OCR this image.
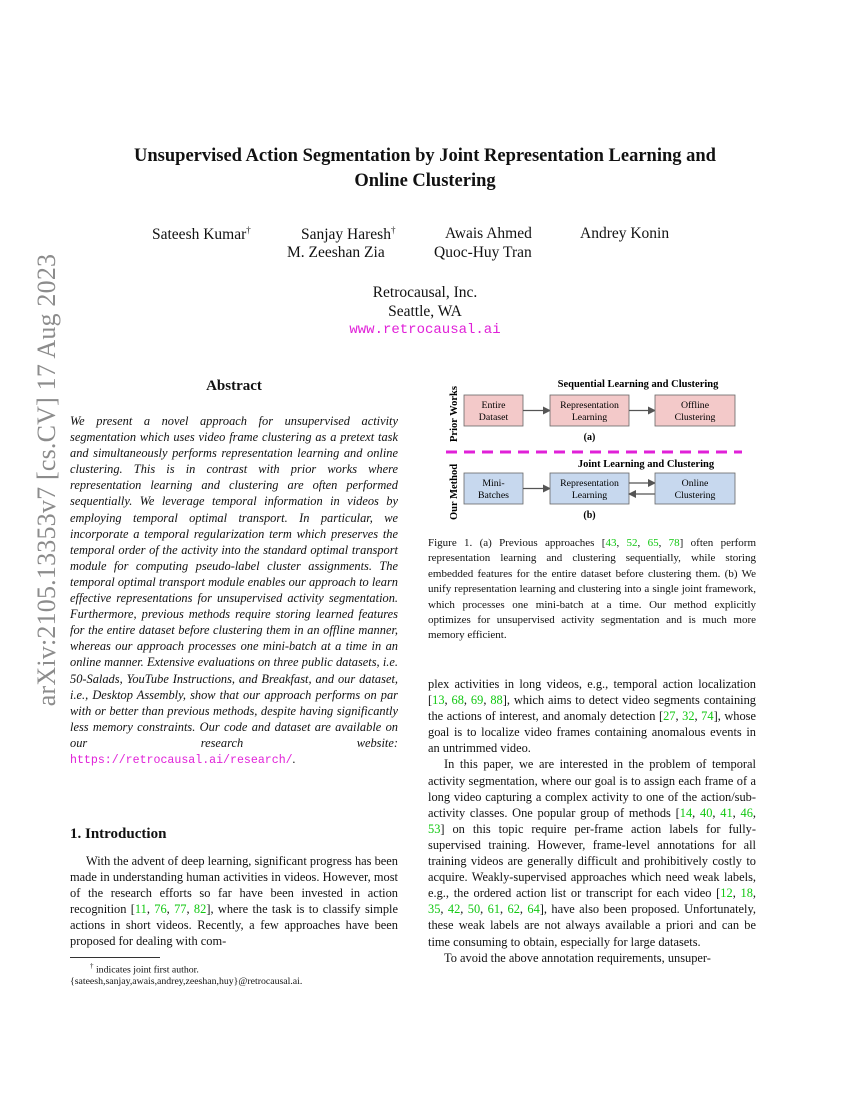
arXiv:2105.13353v7 [cs.CV] 17 Aug 2023
Unsupervised Action Segmentation by Joint Representation Learning and
Online Clustering
Sateesh Kumar†	Sanjay Haresh†	Awais Ahmed	Andrey Konin
M. Zeeshan Zia	Quoc-Huy Tran
Retrocausal, Inc.
Seattle, WA
www.retrocausal.ai
Abstract
We present a novel approach for unsupervised activity segmentation which uses video frame clustering as a pretext task and simultaneously performs representation learning and online clustering. This is in contrast with prior works where representation learning and clustering are often performed sequentially. We leverage temporal information in videos by employing temporal optimal transport. In particular, we incorporate a temporal regularization term which preserves the temporal order of the activity into the standard optimal transport module for computing pseudo-label cluster assignments. The temporal optimal transport module enables our approach to learn effective representations for unsupervised activity segmentation. Furthermore, previous methods require storing learned features for the entire dataset before clustering them in an offline manner, whereas our approach processes one mini-batch at a time in an online manner. Extensive evaluations on three public datasets, i.e. 50-Salads, YouTube Instructions, and Breakfast, and our dataset, i.e., Desktop Assembly, show that our approach performs on par with or better than previous methods, despite having significantly less memory constraints. Our code and dataset are available on our research website: https://retrocausal.ai/research/.
1. Introduction
With the advent of deep learning, significant progress has been made in understanding human activities in videos. However, most of the research efforts so far have been invested in action recognition [11, 76, 77, 82], where the task is to classify simple actions in short videos. Recently, a few approaches have been proposed for dealing with com-
† indicates joint first author.
{sateesh,sanjay,awais,andrey,zeeshan,huy}@retrocausal.ai.
Prior Works
Our Method
Sequential Learning and Clustering
Entire
Dataset
Representation
Learning
Offline
Clustering
(a)
Joint Learning and Clustering
Mini-
Batches
Representation
Learning
Online
Clustering
(b)
Figure 1. (a) Previous approaches [43, 52, 65, 78] often perform representation learning and clustering sequentially, while storing embedded features for the entire dataset before clustering them. (b) We unify representation learning and clustering into a single joint framework, which processes one mini-batch at a time. Our method explicitly optimizes for unsupervised activity segmentation and is much more memory efficient.

plex activities in long videos, e.g., temporal action localization [13, 68, 69, 88], which aims to detect video segments containing the actions of interest, and anomaly detection [27, 32, 74], whose goal is to localize video frames containing anomalous events in an untrimmed video.

In this paper, we are interested in the problem of temporal activity segmentation, where our goal is to assign each frame of a long video capturing a complex activity to one of the action/sub-activity classes. One popular group of methods [14, 40, 41, 46, 53] on this topic require per-frame action labels for fully-supervised training. However, frame-level annotations for all training videos are generally difficult and prohibitively costly to acquire. Weakly-supervised approaches which need weak labels, e.g., the ordered action list or transcript for each video [12, 18, 35, 42, 50, 61, 62, 64], have also been proposed. Unfortunately, these weak labels are not always available a priori and can be time consuming to obtain, especially for large datasets.

To avoid the above annotation requirements, unsuper-
